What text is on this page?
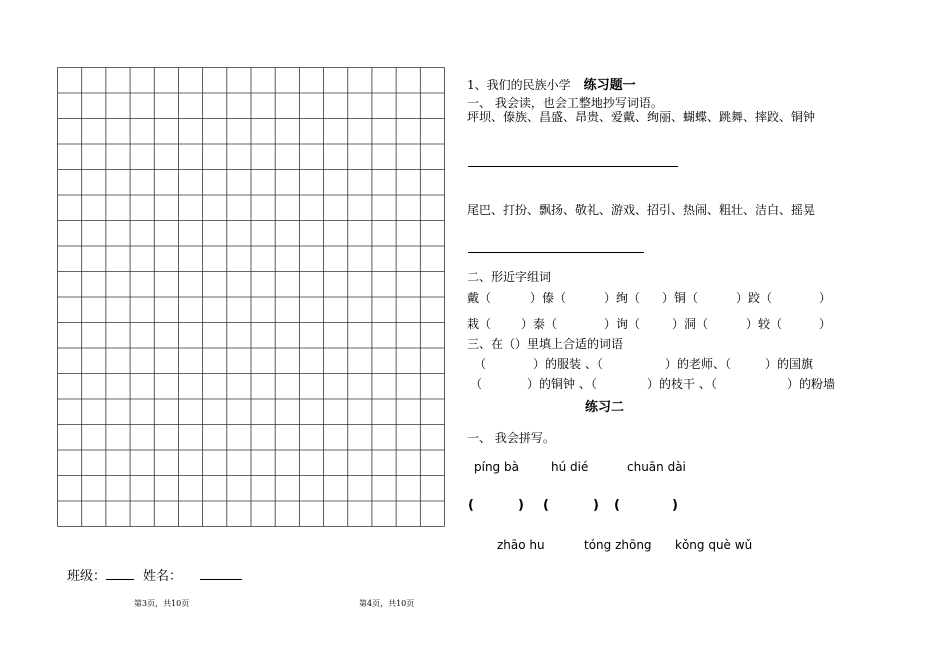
班级：	姓名：
第3页，共10页	第4页，共10页
1、我们的民族小学 练习题一
一、 我会读，也会工整地抄写词语。
坪坝、傣族、昌盛、昂贵、爱戴、绚丽、蝴蝶、跳舞、摔跤、铜钟
尾巴、打扮、飘扬、敬礼、游戏、招引、热闹、粗壮、洁白、摇晃
二、形近字组词
戴（	）傣（	）绚（ ）铜（	）跤（	）
栽（ ）泰（	）询（	）洞（	）较（	）
三、在（）里填上合适的词语
（	）的服装 、（	）的老师、（	）的国旗
（	）的铜钟 、（	）的枝干 、（	）的粉墙
练习二
一、 我会拼写。
píng bà	hú dié	chuān dài
(	) (	) (	)
zhāo hu	tóng zhōng kǒng què wǔ
